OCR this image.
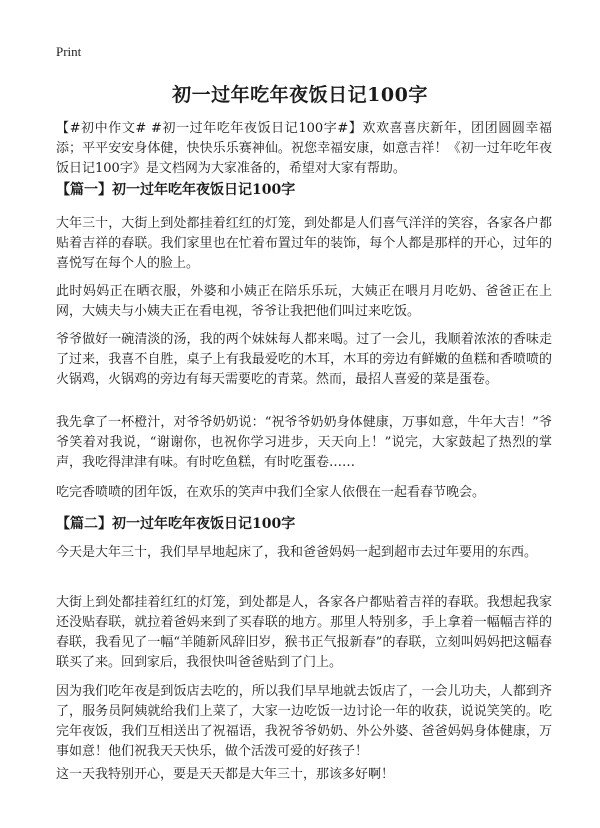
Print
初一过年吃年夜饭日记100字
【#初中作文# #初一过年吃年夜饭日记100字#】欢欢喜喜庆新年，团团圆圆幸福添；平平安安身体健，快快乐乐赛神仙。祝您幸福安康，如意吉祥！《初一过年吃年夜饭日记100字》是文档网为大家准备的，希望对大家有帮助。
【篇一】初一过年吃年夜饭日记100字
大年三十，大街上到处都挂着红红的灯笼，到处都是人们喜气洋洋的笑容，各家各户都贴着吉祥的春联。我们家里也在忙着布置过年的装饰，每个人都是那样的开心，过年的喜悦写在每个人的脸上。
此时妈妈正在晒衣服，外婆和小姨正在陪乐乐玩，大姨正在喂月月吃奶、爸爸正在上网，大姨夫与小姨夫正在看电视，爷爷让我把他们叫过来吃饭。
爷爷做好一碗清淡的汤，我的两个妹妹每人都来喝。过了一会儿，我顺着浓浓的香味走了过来，我喜不自胜，桌子上有我最爱吃的木耳，木耳的旁边有鲜嫩的鱼糕和香喷喷的火锅鸡，火锅鸡的旁边有每天需要吃的青菜。然而，最招人喜爱的菜是蛋卷。
我先拿了一杯橙汁，对爷爷奶奶说：“祝爷爷奶奶身体健康，万事如意，牛年大吉！”爷爷笑着对我说，“谢谢你，也祝你学习进步，天天向上！”说完，大家鼓起了热烈的掌声，我吃得津津有味。有时吃鱼糕，有时吃蛋卷……
吃完香喷喷的团年饭，在欢乐的笑声中我们全家人依偎在一起看春节晚会。
【篇二】初一过年吃年夜饭日记100字
今天是大年三十，我们早早地起床了，我和爸爸妈妈一起到超市去过年要用的东西。
大街上到处都挂着红红的灯笼，到处都是人，各家各户都贴着吉祥的春联。我想起我家还没贴春联，就拉着爸妈来到了买春联的地方。那里人特别多，手上拿着一幅幅吉祥的春联，我看见了一幅“羊随新风辞旧岁，猴书正气报新春”的春联，立刻叫妈妈把这幅春联买了来。回到家后，我很快叫爸爸贴到了门上。
因为我们吃年夜是到饭店去吃的，所以我们早早地就去饭店了，一会儿功夫，人都到齐了，服务员阿姨就给我们上菜了，大家一边吃饭一边讨论一年的收获，说说笑笑的。吃完年夜饭，我们互相送出了祝福语，我祝爷爷奶奶、外公外婆、爸爸妈妈身体健康，万事如意！他们祝我天天快乐，做个活泼可爱的好孩子！
这一天我特别开心，要是天天都是大年三十，那该多好啊！
